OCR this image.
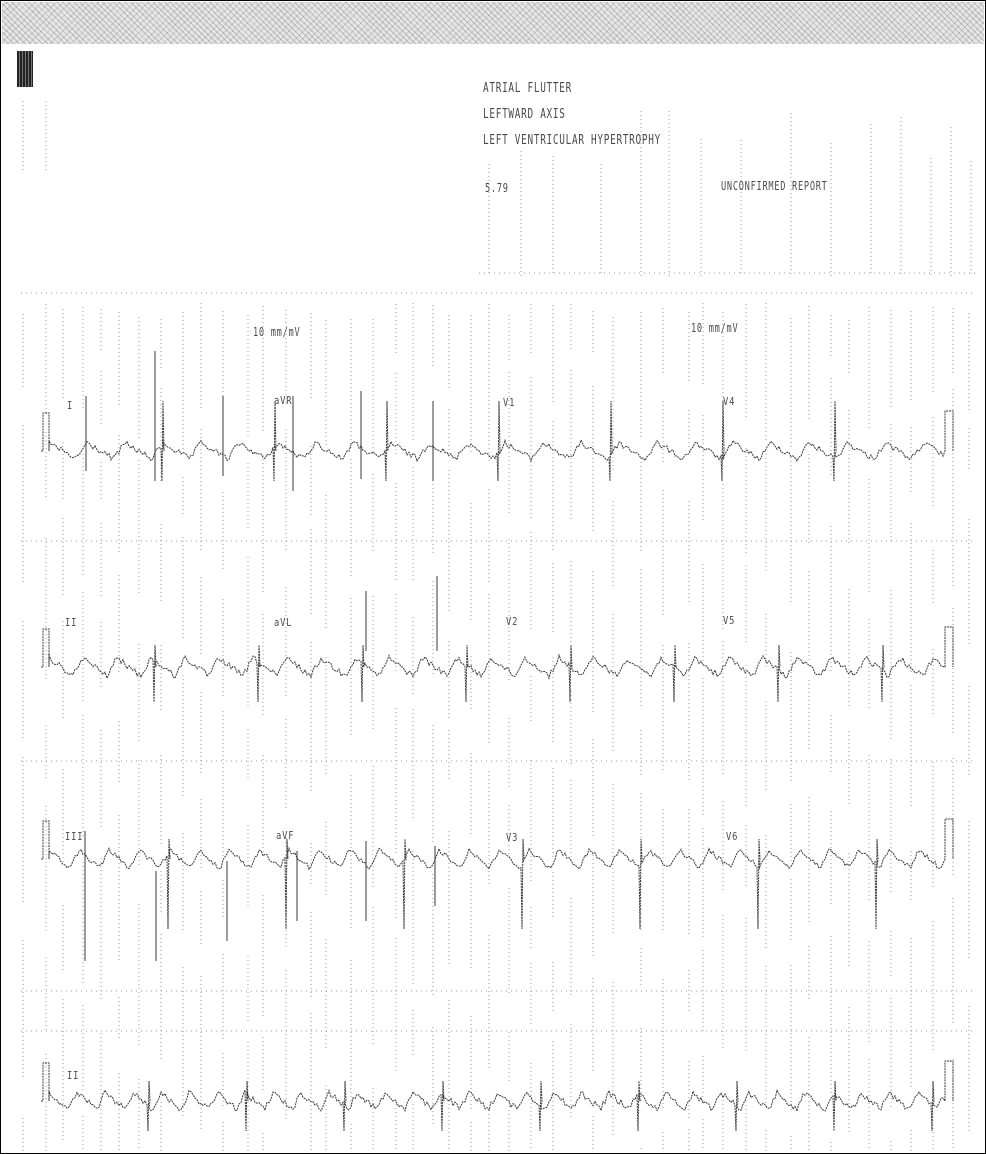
ATRIAL FLUTTER
LEFTWARD AXIS
LEFT VENTRICULAR HYPERTROPHY
5.79	UNCONFIRMED REPORT
10 mm/mV	10 mm/mV
I	aVR	V1	V4
II	aVL	V2	V5
III	aVF	V3	V6
II
